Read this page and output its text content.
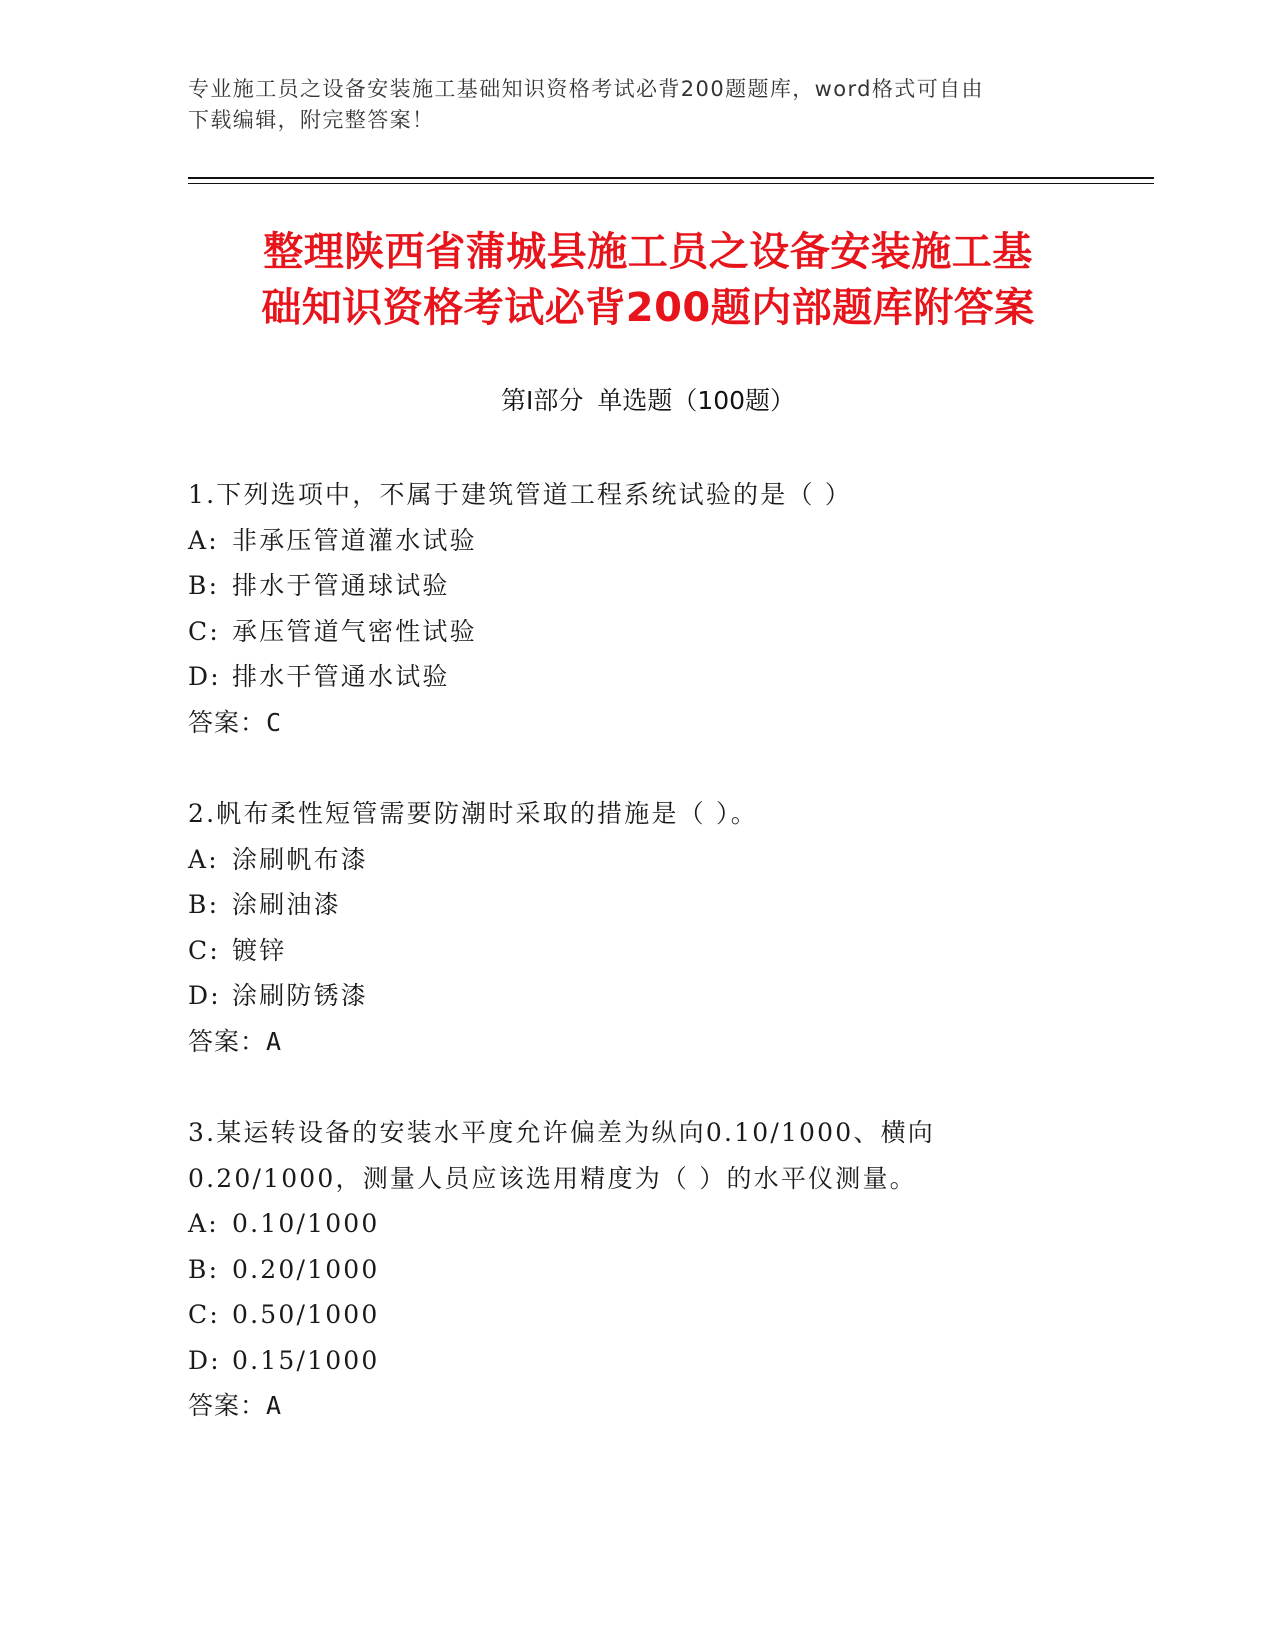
专业施工员之设备安装施工基础知识资格考试必背200题题库，word格式可自由
下载编辑，附完整答案！
整理陕西省蒲城县施工员之设备安装施工基
础知识资格考试必背200题内部题库附答案
第Ⅰ部分 单选题（100题）
1.下列选项中，不属于建筑管道工程系统试验的是（ ）
A: 非承压管道灌水试验
B: 排水于管通球试验
C: 承压管道气密性试验
D: 排水干管通水试验
答案：C
2.帆布柔性短管需要防潮时采取的措施是（ ）。
A: 涂刷帆布漆
B: 涂刷油漆
C: 镀锌
D: 涂刷防锈漆
答案：A
3.某运转设备的安装水平度允许偏差为纵向0.10/1000、横向
0.20/1000，测量人员应该选用精度为（ ）的水平仪测量。
A: 0.10/1000
B: 0.20/1000
C: 0.50/1000
D: 0.15/1000
答案：A
